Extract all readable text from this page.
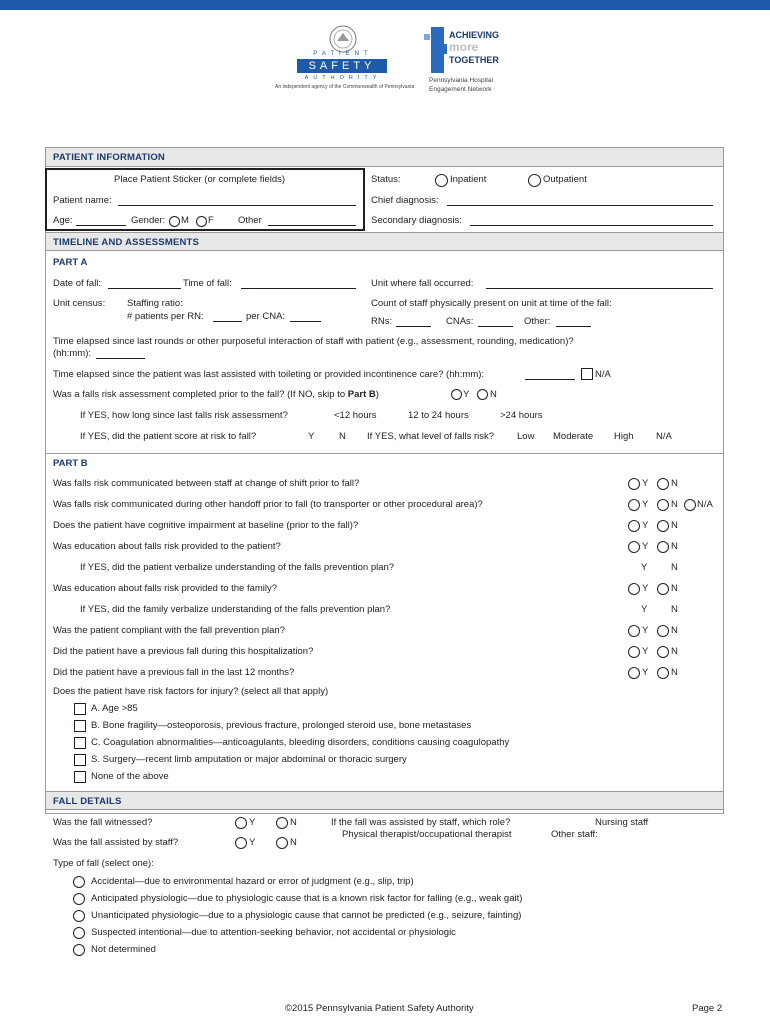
PATIENT
SAFETY
AUTHORITY
An independent agency of the Commonwealth of Pennsylvania
ACHIEVING
more
TOGETHER
Pennsylvania Hospital
Engagement Network
PATIENT INFORMATION
Place Patient Sticker (or complete fields)
Patient name:
Age:	Gender: M F	Other
Status:	Inpatient	Outpatient
Chief diagnosis:
Secondary diagnosis:
TIMELINE AND ASSESSMENTS
PART A
Date of fall:	Time of fall:	Unit where fall occurred:
Unit census: Staffing ratio:
# patients per RN:	per CNA:
Count of staff physically present on unit at time of the fall:
RNs:	CNAs:	Other:
Time elapsed since last rounds or other purposeful interaction of staff with patient (e.g., assessment, rounding, medication)?
(hh:mm):
Time elapsed since the patient was last assisted with toileting or provided incontinence care? (hh:mm):	N/A
Was a falls risk assessment completed prior to the fall? (If NO, skip to Part B)	Y N
If YES, how long since last falls risk assessment?	<12 hours	12 to 24 hours	>24 hours
If YES, did the patient score at risk to fall?	Y	N If YES, what level of falls risk? Low Moderate High N/A
PART B
Was falls risk communicated between staff at change of shift prior to fall?	Y N
Was falls risk communicated during other handoff prior to fall (to transporter or other procedural area)?	Y N N/A
Does the patient have cognitive impairment at baseline (prior to the fall)?	Y N
Was education about falls risk provided to the patient?	Y N
If YES, did the patient verbalize understanding of the falls prevention plan?	Y N
Was education about falls risk provided to the family?	Y N
If YES, did the family verbalize understanding of the falls prevention plan?	Y N
Was the patient compliant with the fall prevention plan?	Y N
Did the patient have a previous fall during this hospitalization?	Y N
Did the patient have a previous fall in the last 12 months?	Y N
Does the patient have risk factors for injury? (select all that apply)
A. Age >85
B. Bone fragility—osteoporosis, previous fracture, prolonged steroid use, bone metastases
C. Coagulation abnormalities—anticoagulants, bleeding disorders, conditions causing coagulopathy
S. Surgery—recent limb amputation or major abdominal or thoracic surgery
None of the above
FALL DETAILS
Was the fall witnessed?	Y	N
Was the fall assisted by staff?	Y	N
If the fall was assisted by staff, which role?	Nursing staff
Physical therapist/occupational therapist	Other staff:
Type of fall (select one):
Accidental—due to environmental hazard or error of judgment (e.g., slip, trip)
Anticipated physiologic—due to physiologic cause that is a known risk factor for falling (e.g., weak gait)
Unanticipated physiologic—due to a physiologic cause that cannot be predicted (e.g., seizure, fainting)
Suspected intentional—due to attention-seeking behavior, not accidental or physiologic
Not determined
©2015 Pennsylvania Patient Safety Authority	Page 2
